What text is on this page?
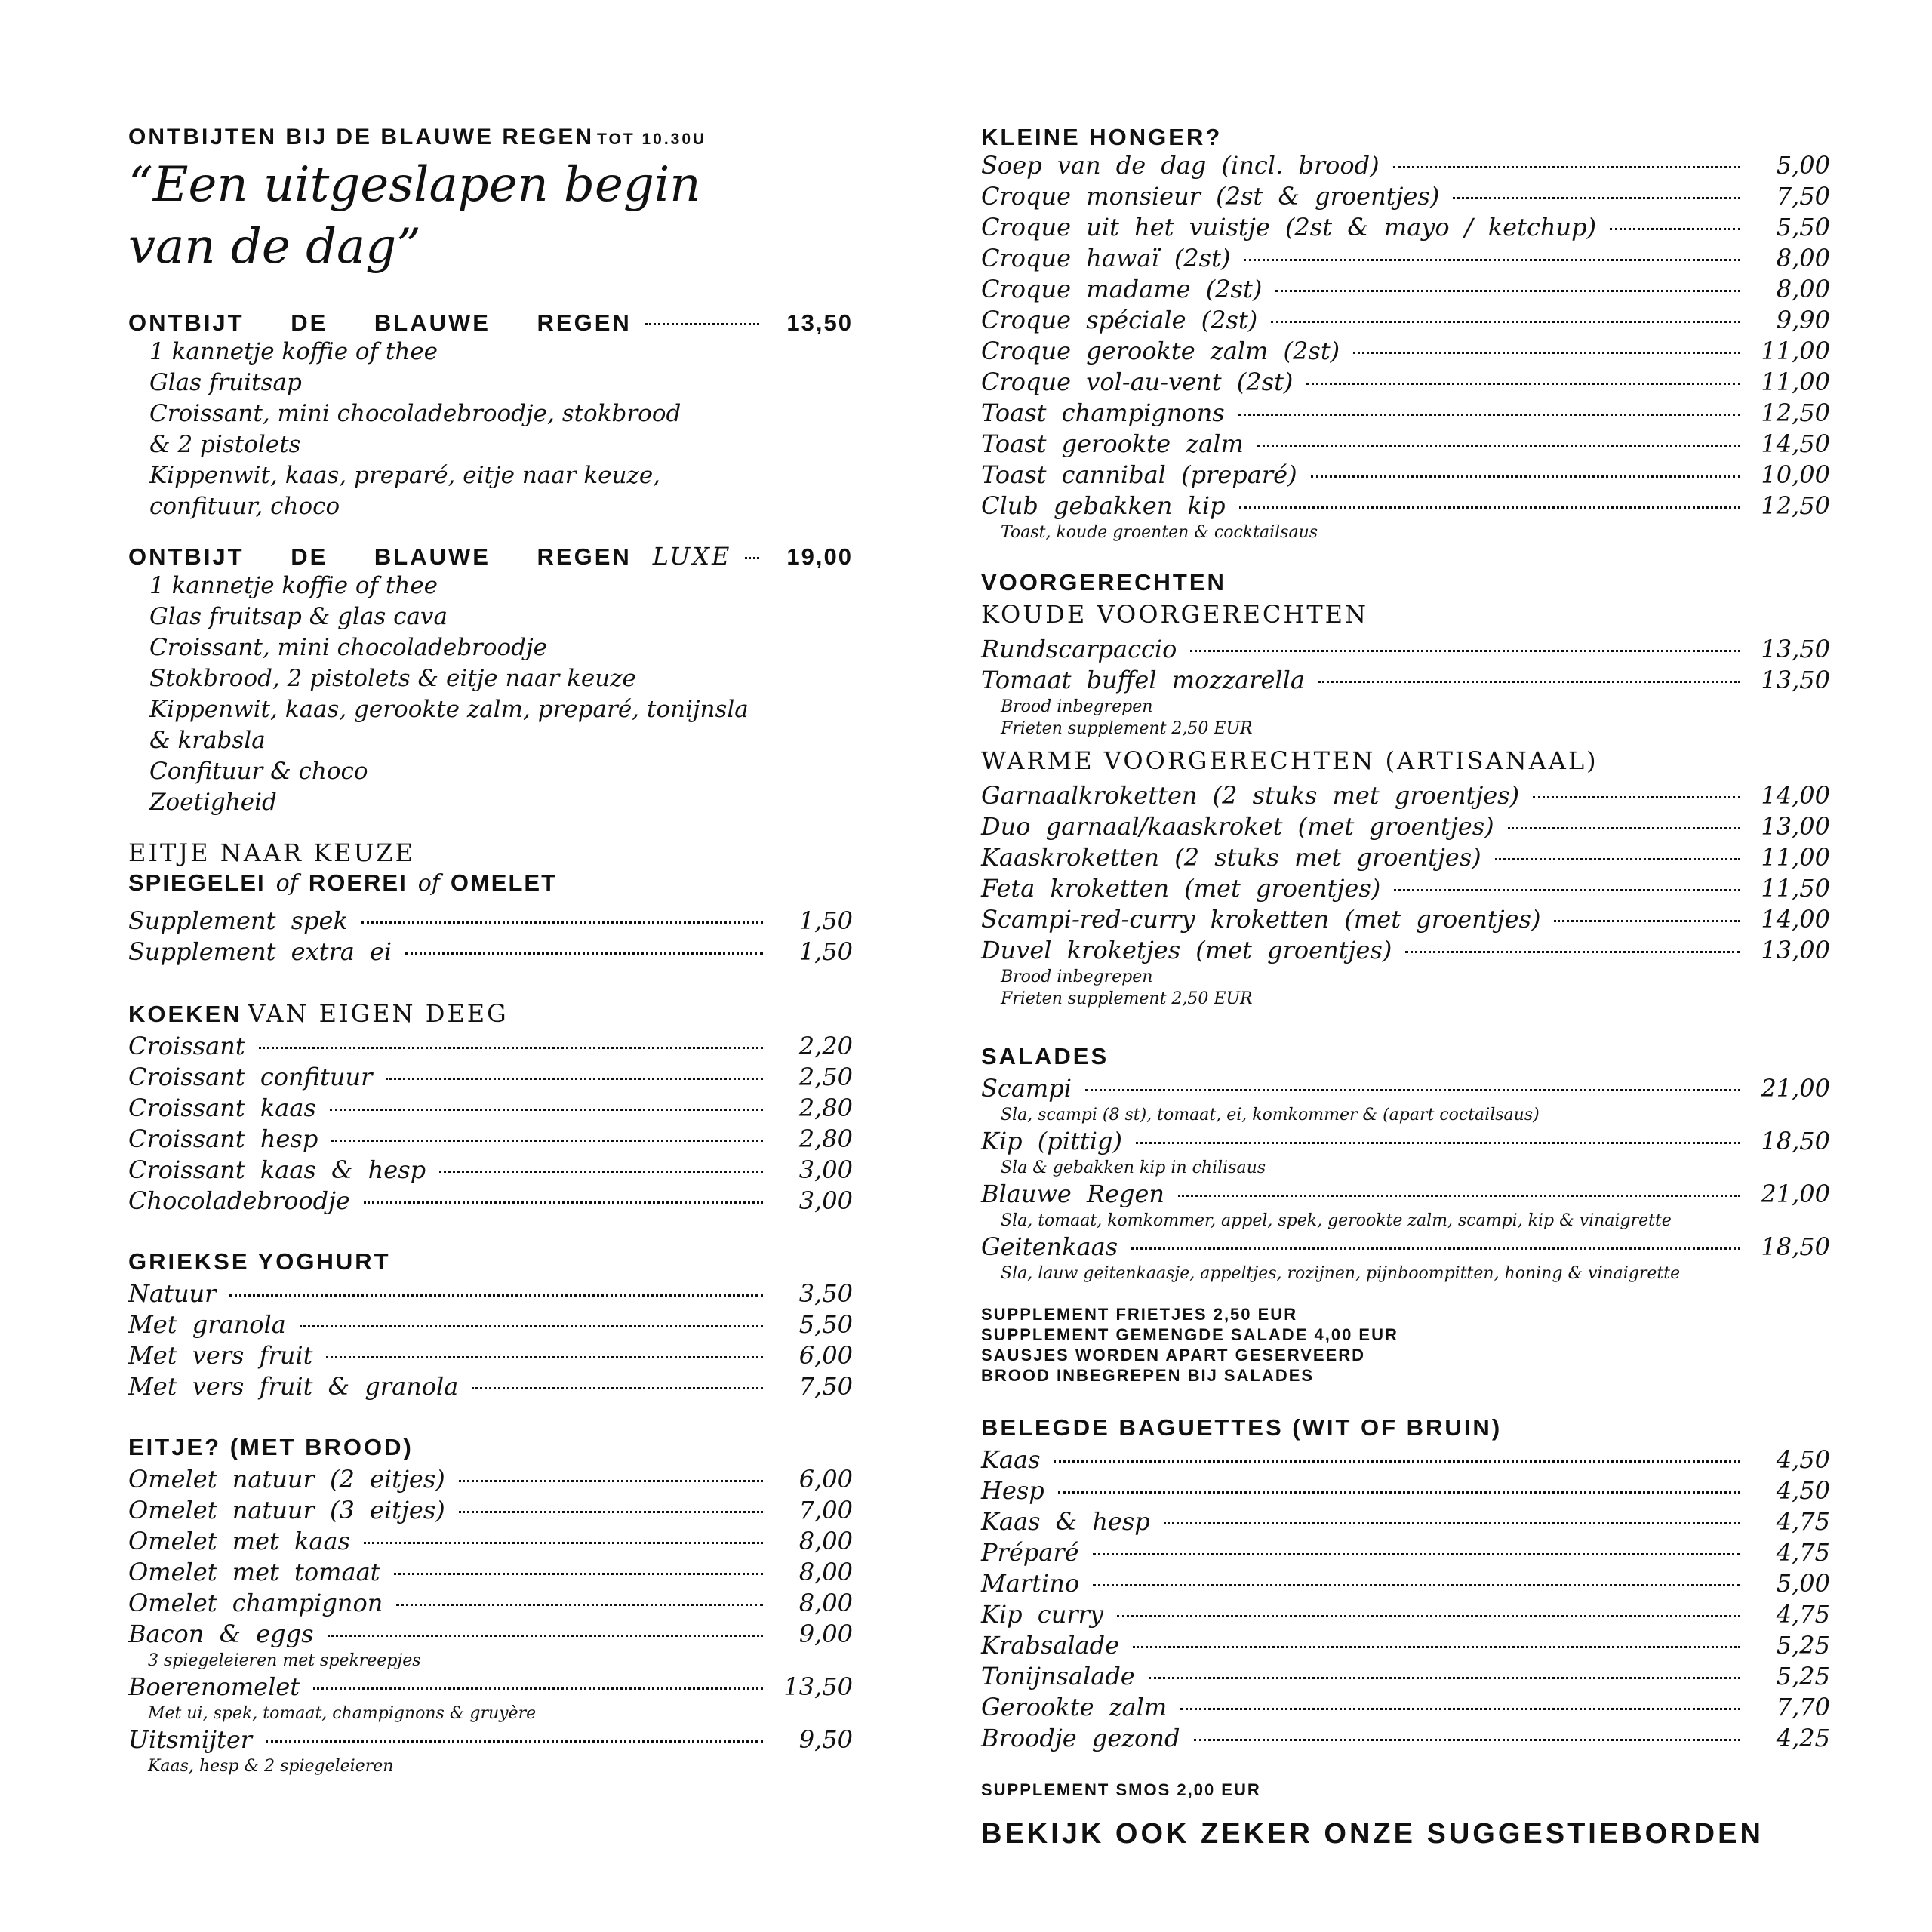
ONTBIJTEN BIJ DE BLAUWE REGEN TOT 10.30U
“Een uitgeslapen begin
van de dag”
ONTBIJT DE BLAUWE REGEN	13,50
1 kannetje koffie of thee
Glas fruitsap
Croissant, mini chocoladebroodje, stokbrood
& 2 pistolets
Kippenwit, kaas, preparé, eitje naar keuze,
confituur, choco
ONTBIJT DE BLAUWE REGEN LUXE	19,00
1 kannetje koffie of thee
Glas fruitsap & glas cava
Croissant, mini chocoladebroodje
Stokbrood, 2 pistolets & eitje naar keuze
Kippenwit, kaas, gerookte zalm, preparé, tonijnsla
& krabsla
Confituur & choco
Zoetigheid
EITJE NAAR KEUZE
SPIEGELEI of ROEREI of OMELET
Supplement spek	1,50
Supplement extra ei	1,50
KOEKEN VAN EIGEN DEEG
Croissant	2,20
Croissant confituur	2,50
Croissant kaas	2,80
Croissant hesp	2,80
Croissant kaas & hesp	3,00
Chocoladebroodje	3,00
GRIEKSE YOGHURT
Natuur	3,50
Met granola	5,50
Met vers fruit	6,00
Met vers fruit & granola	7,50
EITJE? (MET BROOD)
Omelet natuur (2 eitjes)	6,00
Omelet natuur (3 eitjes)	7,00
Omelet met kaas	8,00
Omelet met tomaat	8,00
Omelet champignon	8,00
Bacon & eggs	9,00
3 spiegeleieren met spekreepjes
Boerenomelet	13,50
Met ui, spek, tomaat, champignons & gruyère
Uitsmijter	9,50
Kaas, hesp & 2 spiegeleieren
KLEINE HONGER?
Soep van de dag (incl. brood)	5,00
Croque monsieur (2st & groentjes)	7,50
Croque uit het vuistje (2st & mayo / ketchup)	5,50
Croque hawaï (2st)	8,00
Croque madame (2st)	8,00
Croque spéciale (2st)	9,90
Croque gerookte zalm (2st)	11,00
Croque vol-au-vent (2st)	11,00
Toast champignons	12,50
Toast gerookte zalm	14,50
Toast cannibal (preparé)	10,00
Club gebakken kip	12,50
Toast, koude groenten & cocktailsaus
VOORGERECHTEN
KOUDE VOORGERECHTEN
Rundscarpaccio	13,50
Tomaat buffel mozzarella	13,50
Brood inbegrepen
Frieten supplement 2,50 EUR
WARME VOORGERECHTEN (ARTISANAAL)
Garnaalkroketten (2 stuks met groentjes)	14,00
Duo garnaal/kaaskroket (met groentjes)	13,00
Kaaskroketten (2 stuks met groentjes)	11,00
Feta kroketten (met groentjes)	11,50
Scampi-red-curry kroketten (met groentjes)	14,00
Duvel kroketjes (met groentjes)	13,00
Brood inbegrepen
Frieten supplement 2,50 EUR
SALADES
Scampi	21,00
Sla, scampi (8 st), tomaat, ei, komkommer & (apart coctailsaus)
Kip (pittig)	18,50
Sla & gebakken kip in chilisaus
Blauwe Regen	21,00
Sla, tomaat, komkommer, appel, spek, gerookte zalm, scampi, kip & vinaigrette
Geitenkaas	18,50
Sla, lauw geitenkaasje, appeltjes, rozijnen, pijnboompitten, honing & vinaigrette
SUPPLEMENT FRIETJES 2,50 EUR
SUPPLEMENT GEMENGDE SALADE 4,00 EUR
SAUSJES WORDEN APART GESERVEERD
BROOD INBEGREPEN BIJ SALADES
BELEGDE BAGUETTES (WIT OF BRUIN)
Kaas	4,50
Hesp	4,50
Kaas & hesp	4,75
Préparé	4,75
Martino	5,00
Kip curry	4,75
Krabsalade	5,25
Tonijnsalade	5,25
Gerookte zalm	7,70
Broodje gezond	4,25
SUPPLEMENT SMOS 2,00 EUR
BEKIJK OOK ZEKER ONZE SUGGESTIEBORDEN
